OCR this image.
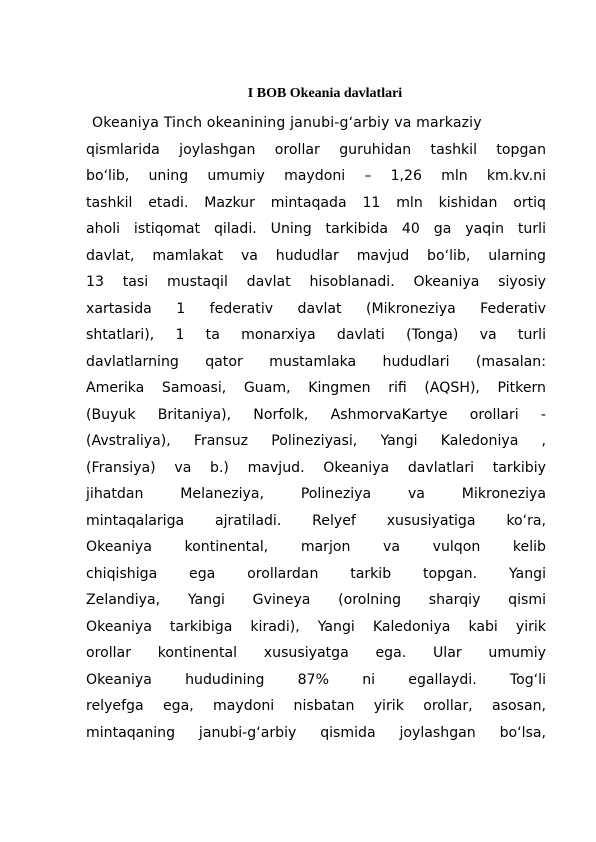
I BOB Okeania davlatlari
Okeaniya Tinch okeanining janubi-g‘arbiy va markaziy
qismlarida joylashgan orollar guruhidan tashkil topgan
bo‘lib, uning umumiy maydoni – 1,26 mln km.kv.ni
tashkil etadi. Mazkur mintaqada 11 mln kishidan ortiq
aholi istiqomat qiladi. Uning tarkibida 40 ga yaqin turli
davlat, mamlakat va hududlar mavjud bo‘lib, ularning
13 tasi mustaqil davlat hisoblanadi. Okeaniya siyosiy
xartasida 1 federativ davlat (Mikroneziya Federativ
shtatlari), 1 ta monarxiya davlati (Tonga) va turli
davlatlarning qator mustamlaka hududlari (masalan:
Amerika Samoasi, Guam, Kingmen rifi (AQSH), Pitkern
(Buyuk Britaniya), Norfolk, AshmorvaKartye orollari -
(Avstraliya), Fransuz Polineziyasi, Yangi Kaledoniya ,
(Fransiya) va b.) mavjud. Okeaniya davlatlari tarkibiy
jihatdan Melaneziya, Polineziya va Mikroneziya
mintaqalariga ajratiladi. Relyef xususiyatiga ko‘ra,
Okeaniya kontinental, marjon va vulqon kelib
chiqishiga ega orollardan tarkib topgan. Yangi
Zelandiya, Yangi Gvineya (orolning sharqiy qismi
Okeaniya tarkibiga kiradi), Yangi Kaledoniya kabi yirik
orollar kontinental xususiyatga ega. Ular umumiy
Okeaniya hududining 87% ni egallaydi. Tog‘li
relyefga ega, maydoni nisbatan yirik orollar, asosan,
mintaqaning janubi-g‘arbiy qismida joylashgan bo‘lsa,
